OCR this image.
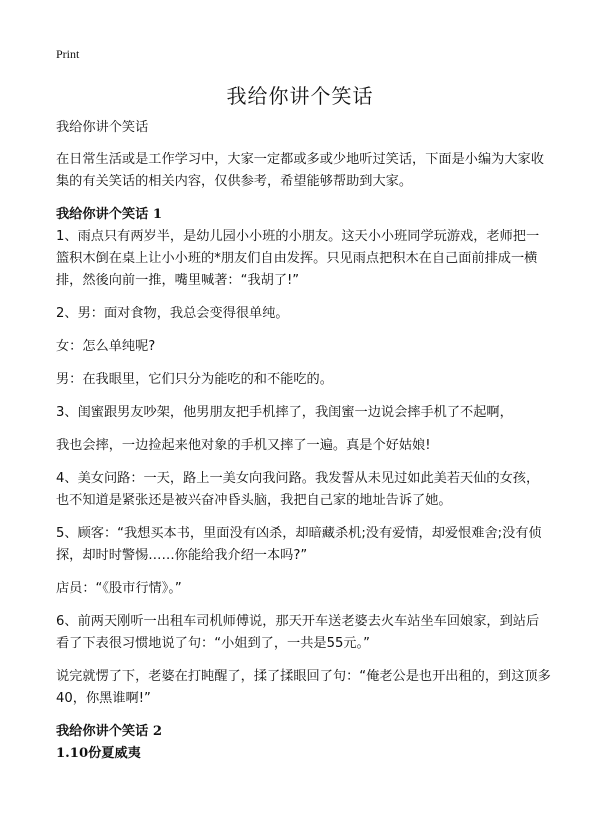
Print

我给你讲个笑话

我给你讲个笑话

在日常生活或是工作学习中，大家一定都或多或少地听过笑话，下面是小编为大家收集的有关笑话的相关内容，仅供参考，希望能够帮助到大家。

我给你讲个笑话 1

1、雨点只有两岁半，是幼儿园小小班的小朋友。这天小小班同学玩游戏，老师把一篮积木倒在桌上让小小班的*朋友们自由发挥。只见雨点把积木在自己面前排成一横排，然後向前一推，嘴里喊著：“我胡了!”

2、男：面对食物，我总会变得很单纯。

女：怎么单纯呢?

男：在我眼里，它们只分为能吃的和不能吃的。

3、闺蜜跟男友吵架，他男朋友把手机摔了，我闺蜜一边说会摔手机了不起啊，

我也会摔，一边捡起来他对象的手机又摔了一遍。真是个好姑娘!

4、美女问路：一天，路上一美女向我问路。我发誓从未见过如此美若天仙的女孩，也不知道是紧张还是被兴奋冲昏头脑，我把自己家的地址告诉了她。

5、顾客：“我想买本书，里面没有凶杀，却暗藏杀机;没有爱情，却爱恨难舍;没有侦探，却时时警惕……你能给我介绍一本吗?”

店员：“《股市行情》。”

6、前两天刚听一出租车司机师傅说，那天开车送老婆去火车站坐车回娘家，到站后看了下表很习惯地说了句：“小姐到了，一共是55元。”

说完就愣了下，老婆在打盹醒了，揉了揉眼回了句：“俺老公是也开出租的，到这顶多40，你黑谁啊!”

我给你讲个笑话 2

1.10份夏威夷
